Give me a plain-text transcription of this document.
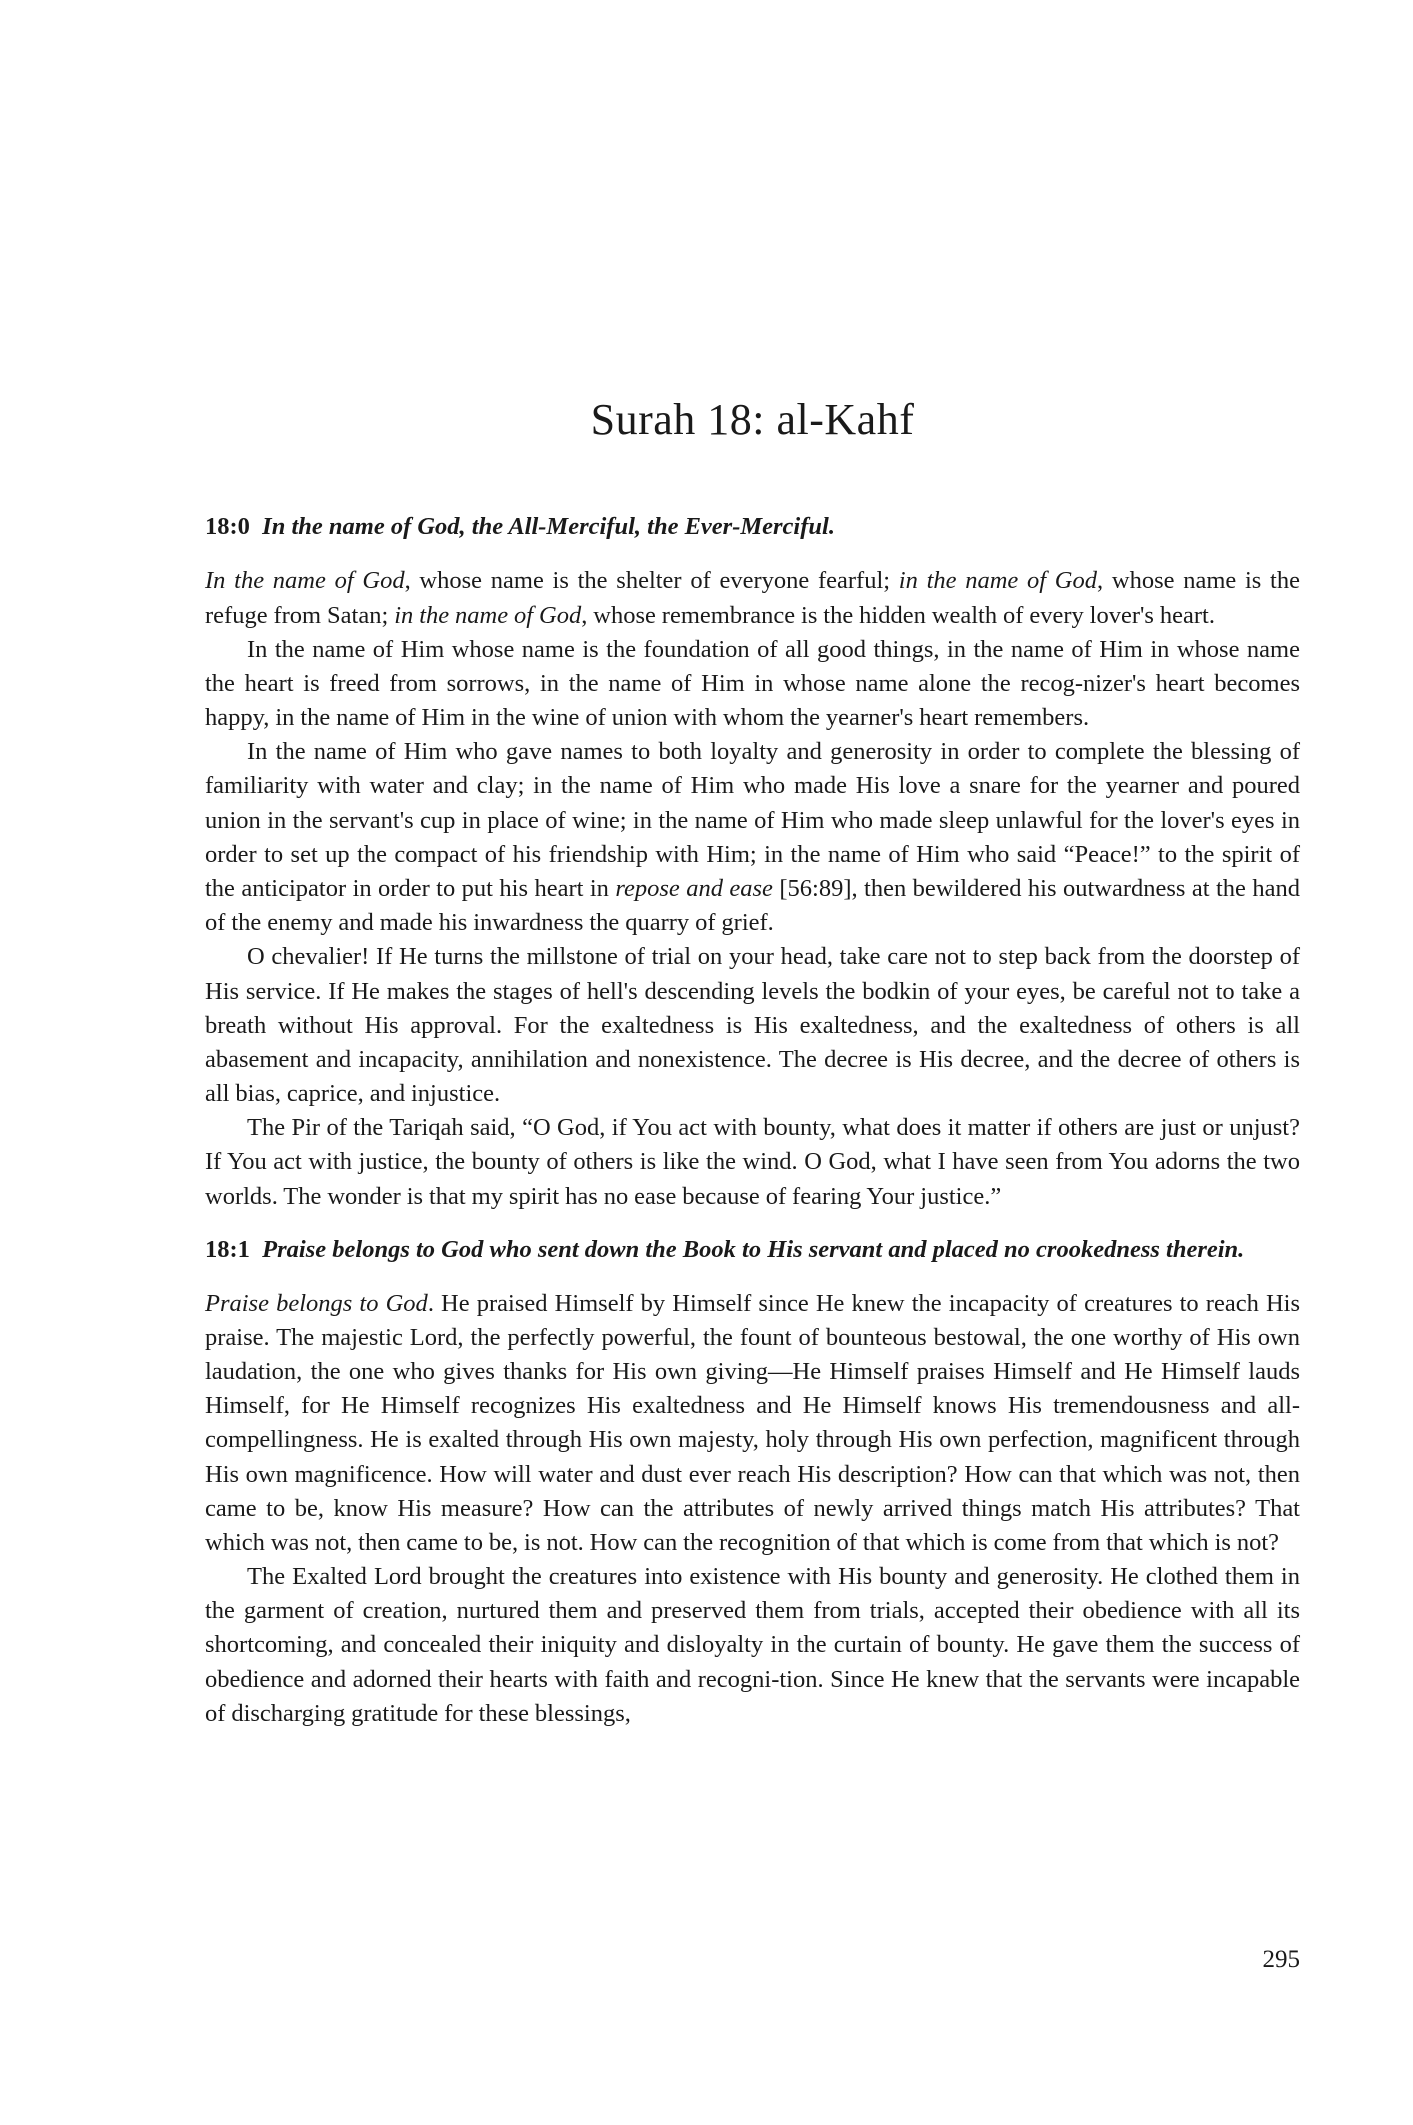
Surah 18: al-Kahf
18:0 In the name of God, the All-Merciful, the Ever-Merciful.

In the name of God, whose name is the shelter of everyone fearful; in the name of God, whose name is the refuge from Satan; in the name of God, whose remembrance is the hidden wealth of every lover's heart.

In the name of Him whose name is the foundation of all good things, in the name of Him in whose name the heart is freed from sorrows, in the name of Him in whose name alone the recog-nizer's heart becomes happy, in the name of Him in the wine of union with whom the yearner's heart remembers.

In the name of Him who gave names to both loyalty and generosity in order to complete the blessing of familiarity with water and clay; in the name of Him who made His love a snare for the yearner and poured union in the servant's cup in place of wine; in the name of Him who made sleep unlawful for the lover's eyes in order to set up the compact of his friendship with Him; in the name of Him who said “Peace!” to the spirit of the anticipator in order to put his heart in repose and ease [56:89], then bewildered his outwardness at the hand of the enemy and made his inwardness the quarry of grief.

O chevalier! If He turns the millstone of trial on your head, take care not to step back from the doorstep of His service. If He makes the stages of hell's descending levels the bodkin of your eyes, be careful not to take a breath without His approval. For the exaltedness is His exaltedness, and the exaltedness of others is all abasement and incapacity, annihilation and nonexistence. The decree is His decree, and the decree of others is all bias, caprice, and injustice.

The Pir of the Tariqah said, “O God, if You act with bounty, what does it matter if others are just or unjust? If You act with justice, the bounty of others is like the wind. O God, what I have seen from You adorns the two worlds. The wonder is that my spirit has no ease because of fearing Your justice.”

18:1 Praise belongs to God who sent down the Book to His servant and placed no crookedness therein.

Praise belongs to God. He praised Himself by Himself since He knew the incapacity of creatures to reach His praise. The majestic Lord, the perfectly powerful, the fount of bounteous bestowal, the one worthy of His own laudation, the one who gives thanks for His own giving—He Himself praises Himself and He Himself lauds Himself, for He Himself recognizes His exaltedness and He Himself knows His tremendousness and all-compellingness. He is exalted through His own majesty, holy through His own perfection, magnificent through His own magnificence. How will water and dust ever reach His description? How can that which was not, then came to be, know His measure? How can the attributes of newly arrived things match His attributes? That which was not, then came to be, is not. How can the recognition of that which is come from that which is not?

The Exalted Lord brought the creatures into existence with His bounty and generosity. He clothed them in the garment of creation, nurtured them and preserved them from trials, accepted their obedience with all its shortcoming, and concealed their iniquity and disloyalty in the curtain of bounty. He gave them the success of obedience and adorned their hearts with faith and recogni-tion. Since He knew that the servants were incapable of discharging gratitude for these blessings,

295
